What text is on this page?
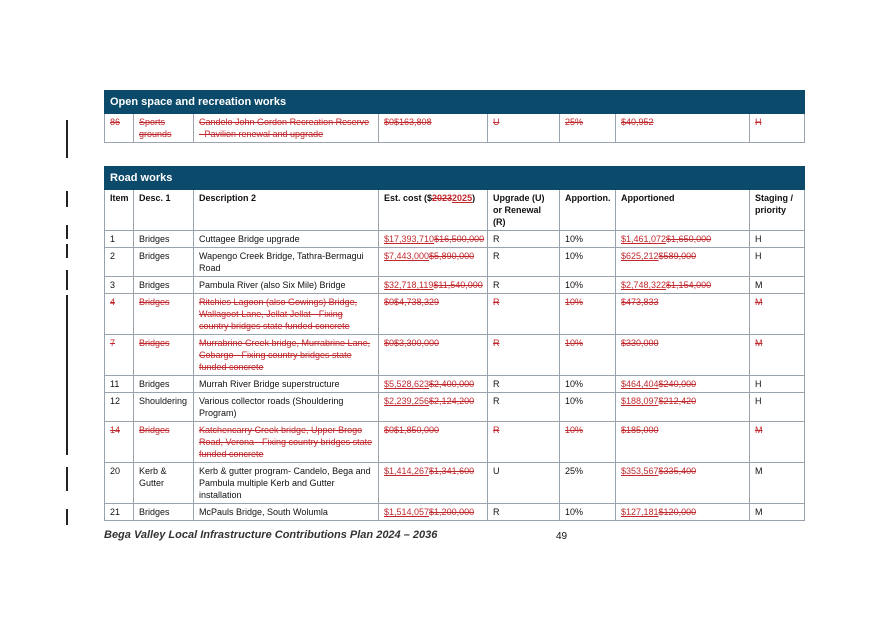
Open space and recreation works
86	Sports grounds	Candelo John Gordon Recreation Reserve - Pavilion renewal and upgrade	$0$163,808	U	25%	$40,952	H
Road works							
Item	Desc. 1	Description 2	Est. cost ($20232025)	Upgrade (U) or Renewal (R)	Apportion.	Apportioned	Staging / priority
1	Bridges	Cuttagee Bridge upgrade	$17,393,710$16,500,000	R	10%	$1,461,072$1,650,000	H
2	Bridges	Wapengo Creek Bridge, Tathra-Bermagui Road	$7,443,000$5,890,000	R	10%	$625,212$589,000	H
3	Bridges	Pambula River (also Six Mile) Bridge	$32,718,119$11,540,000	R	10%	$2,748,322$1,154,000	M
4	Bridges	Ritchies Lagoon (also Gowings) Bridge, Wallagoot Lane, Jellat Jellat - Fixing country bridges state funded concrete	$0$4,738,329	R	10%	$473,833	M
7	Bridges	Murrabrine Creek bridge, Murrabrine Lane, Cobargo - Fixing country bridges state funded concrete	$0$3,300,000	R	10%	$330,000	M
11	Bridges	Murrah River Bridge superstructure	$5,528,623$2,400,000	R	10%	$464,404$240,000	H
12	Shouldering	Various collector roads (Shouldering Program)	$2,239,256$2,124,200	R	10%	$188,097$212,420	H
14	Bridges	Katchencarry Creek bridge, Upper Brogo Road, Verona - Fixing country bridges state funded concrete	$0$1,850,000	R	10%	$185,000	M
20	Kerb & Gutter	Kerb & gutter program- Candelo, Bega and Pambula multiple Kerb and Gutter installation	$1,414,267$1,341,600	U	25%	$353,567$335,400	M
21	Bridges	McPauls Bridge, South Wolumla	$1,514,057$1,200,000	R	10%	$127,181$120,000	M
Bega Valley Local Infrastructure Contributions Plan 2024 – 2036	49
